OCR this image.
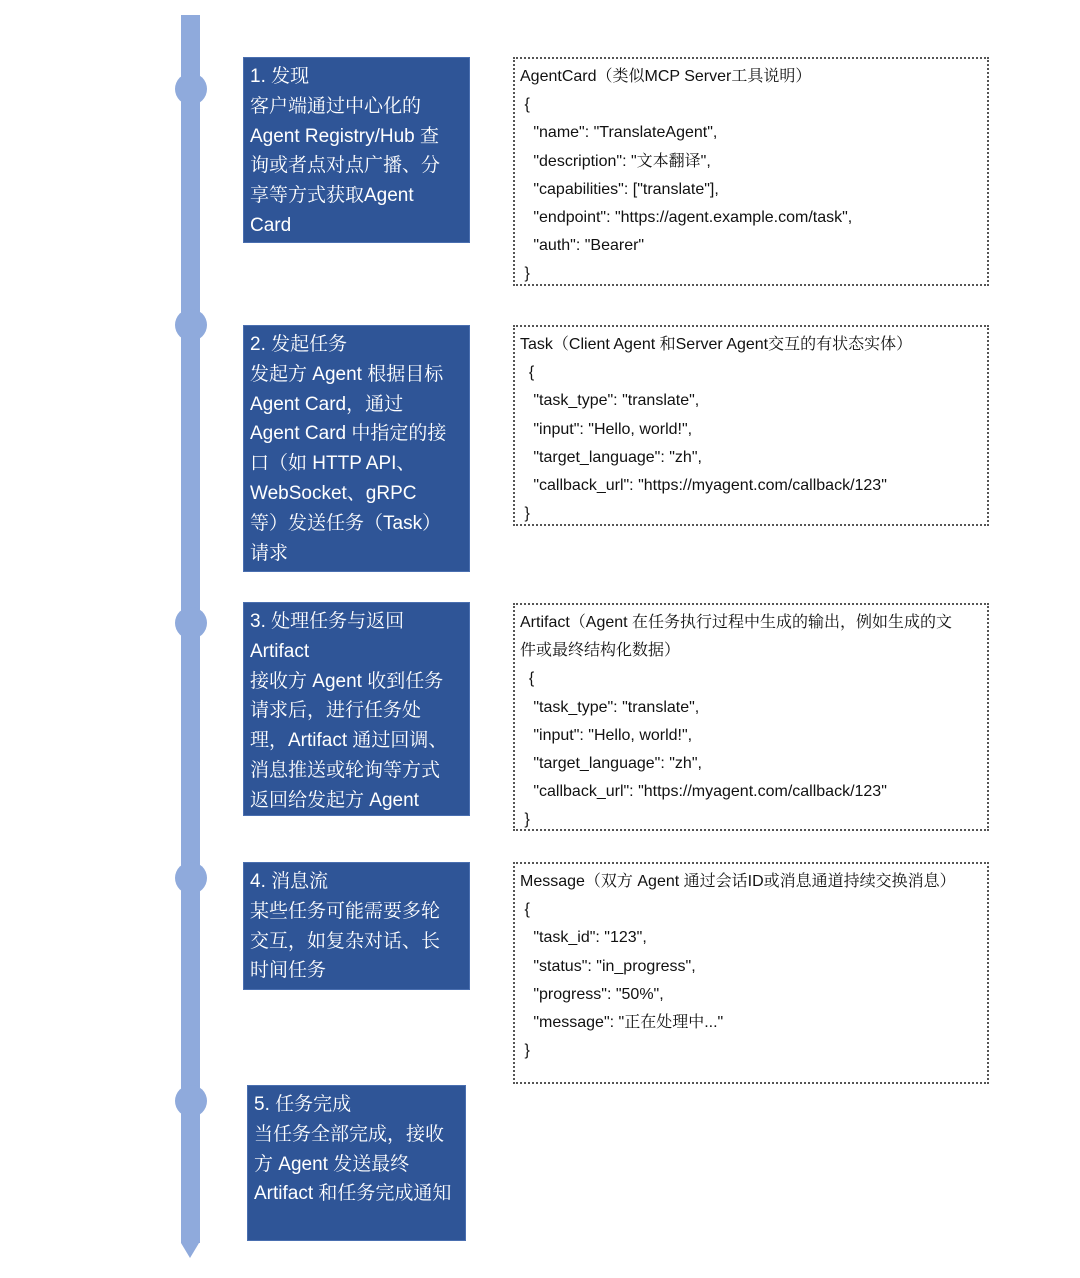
1. 发现
客户端通过中心化的
Agent Registry/Hub 查
询或者点对点广播、分
享等方式获取Agent
Card
2. 发起任务
发起方 Agent 根据目标
Agent Card，通过
Agent Card 中指定的接
口（如 HTTP API、
WebSocket、gRPC
等）发送任务（Task）
请求
3. 处理任务与返回
Artifact
接收方 Agent 收到任务
请求后，进行任务处
理，Artifact 通过回调、
消息推送或轮询等方式
返回给发起方 Agent
4. 消息流
某些任务可能需要多轮
交互，如复杂对话、长
时间任务
5. 任务完成
当任务全部完成，接收
方 Agent 发送最终
Artifact 和任务完成通知
AgentCard（类似MCP Server工具说明）
{
"name": "TranslateAgent",
"description": "文本翻译",
"capabilities": ["translate"],
"endpoint": "https://agent.example.com/task",
"auth": "Bearer"
}
Task（Client Agent 和Server Agent交互的有状态实体）
{
"task_type": "translate",
"input": "Hello, world!",
"target_language": "zh",
"callback_url": "https://myagent.com/callback/123"
}
Artifact（Agent 在任务执行过程中生成的输出，例如生成的文
件或最终结构化数据）
{
"task_type": "translate",
"input": "Hello, world!",
"target_language": "zh",
"callback_url": "https://myagent.com/callback/123"
}
Message（双方 Agent 通过会话ID或消息通道持续交换消息）
{
"task_id": "123",
"status": "in_progress",
"progress": "50%",
"message": "正在处理中..."
}
